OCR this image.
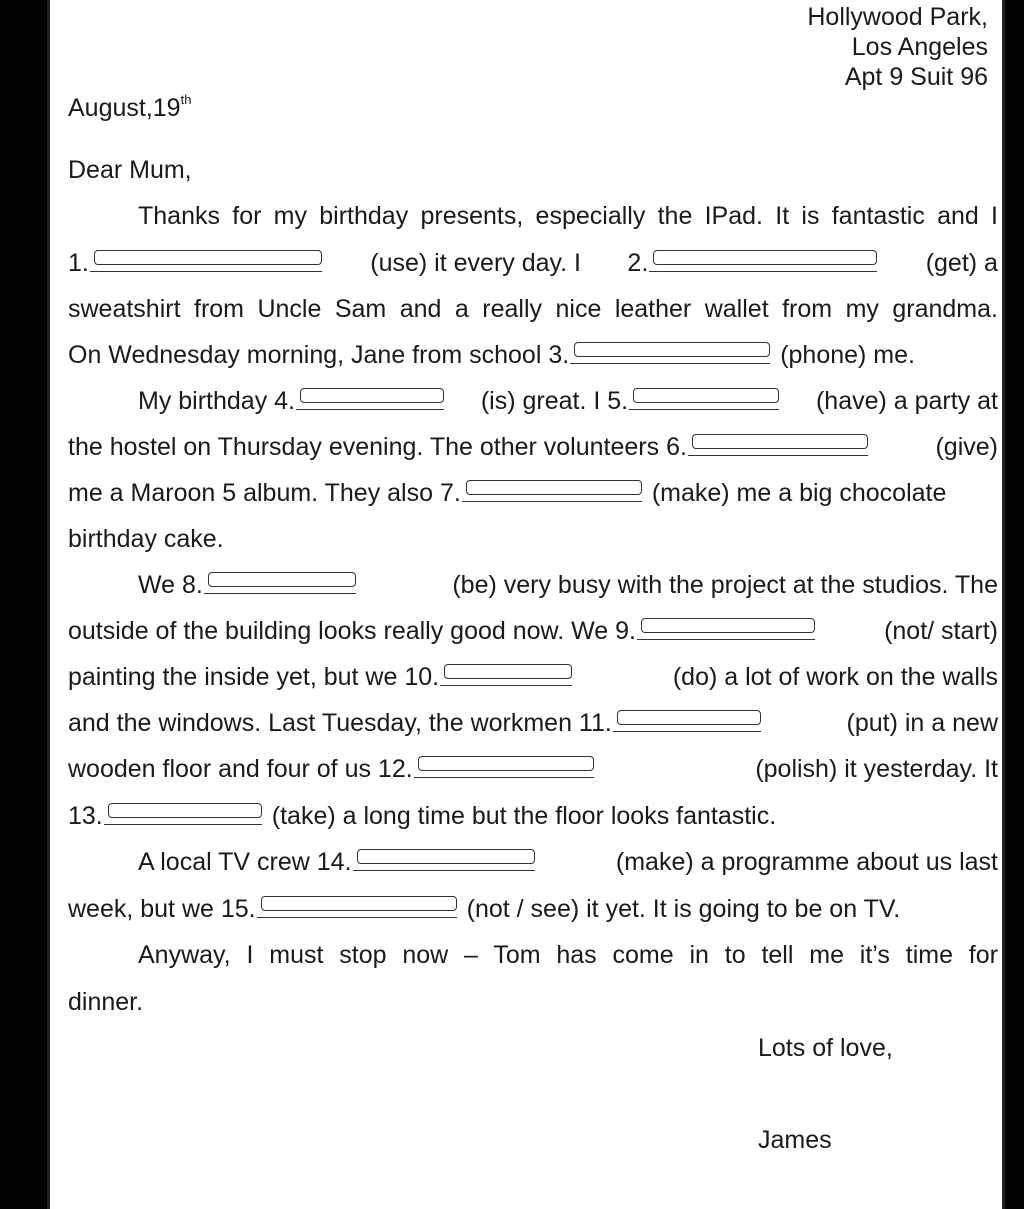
Hollywood Park,
Los Angeles
Apt 9 Suit 96
August,19th
Dear Mum,
Thanks for my birthday presents, especially the IPad. It is fantastic and I
1.	(use) it every day. I 2.	(get) a
sweatshirt from Uncle Sam and a really nice leather wallet from my grandma.
On Wednesday morning, Jane from school 3.	(phone) me.
My birthday 4.	(is) great. I 5.	(have) a party at
the hostel on Thursday evening. The other volunteers 6.	(give)
me a Maroon 5 album. They also 7.	(make) me a big chocolate
birthday cake.
We 8.	(be) very busy with the project at the studios. The
outside of the building looks really good now. We 9.	(not/ start)
painting the inside yet, but we 10.	(do) a lot of work on the walls
and the windows. Last Tuesday, the workmen 11.	(put) in a new
wooden floor and four of us 12.	(polish) it yesterday. It
13.	(take) a long time but the floor looks fantastic.
A local TV crew 14.	(make) a programme about us last
week, but we 15.	(not / see) it yet. It is going to be on TV.
Anyway, I must stop now – Tom has come in to tell me it’s time for
dinner.
Lots of love,
James
